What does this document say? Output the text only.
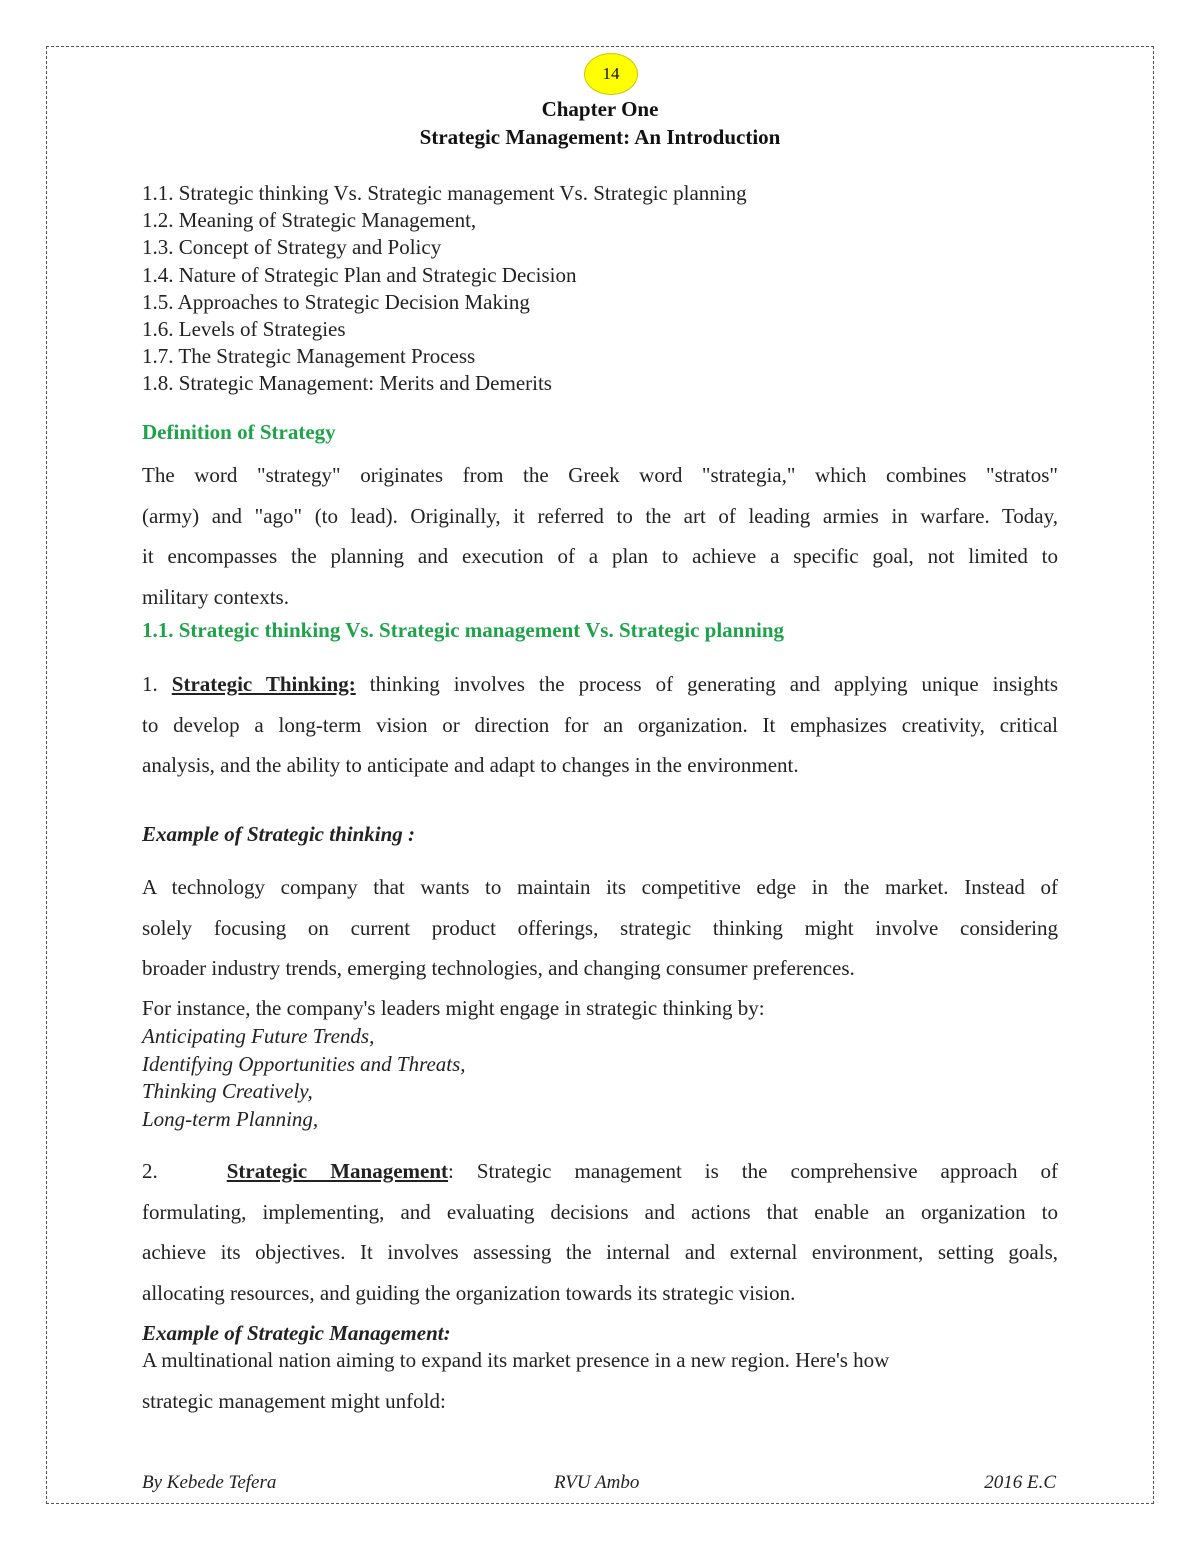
14
Chapter One
Strategic Management: An Introduction
1.1. Strategic thinking Vs. Strategic management Vs. Strategic planning
1.2. Meaning of Strategic Management,
1.3. Concept of Strategy and Policy
1.4. Nature of Strategic Plan and Strategic Decision
1.5. Approaches to Strategic Decision Making
1.6. Levels of Strategies
1.7. The Strategic Management Process
1.8. Strategic Management: Merits and Demerits
Definition of Strategy
The word "strategy" originates from the Greek word "strategia," which combines "stratos"
(army) and "ago" (to lead). Originally, it referred to the art of leading armies in warfare. Today,
it encompasses the planning and execution of a plan to achieve a specific goal, not limited to
military contexts.
1.1. Strategic thinking Vs. Strategic management Vs. Strategic planning
1. Strategic Thinking: thinking involves the process of generating and applying unique insights
to develop a long-term vision or direction for an organization. It emphasizes creativity, critical
analysis, and the ability to anticipate and adapt to changes in the environment.
Example of Strategic thinking :
A technology company that wants to maintain its competitive edge in the market. Instead of
solely focusing on current product offerings, strategic thinking might involve considering
broader industry trends, emerging technologies, and changing consumer preferences.
For instance, the company's leaders might engage in strategic thinking by:
Anticipating Future Trends,
Identifying Opportunities and Threats,
Thinking Creatively,
Long-term Planning,
2.	Strategic Management: Strategic management is the comprehensive approach of
formulating, implementing, and evaluating decisions and actions that enable an organization to
achieve its objectives. It involves assessing the internal and external environment, setting goals,
allocating resources, and guiding the organization towards its strategic vision.
Example of Strategic Management:
A multinational nation aiming to expand its market presence in a new region. Here's how
strategic management might unfold:
By Kebede Tefera	RVU Ambo	2016 E.C
